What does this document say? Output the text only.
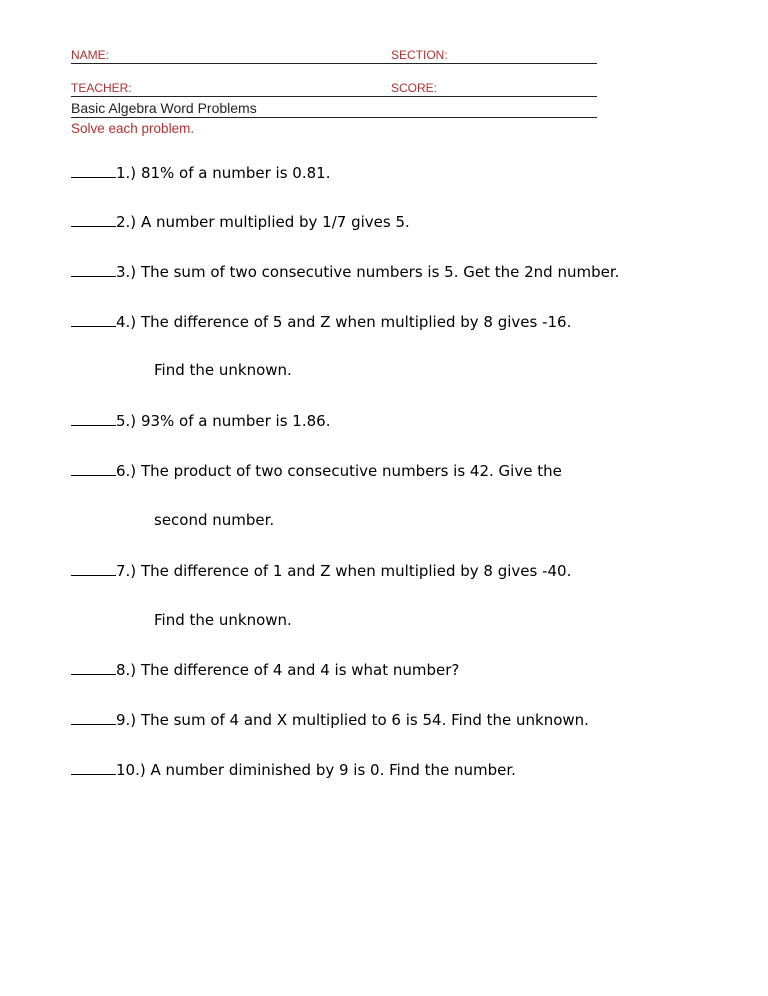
NAME:	SECTION:
TEACHER:	SCORE:
Basic Algebra Word Problems
Solve each problem.
1.) 81% of a number is 0.81.
2.) A number multiplied by 1/7 gives 5.
3.) The sum of two consecutive numbers is 5. Get the 2nd number.
4.) The difference of 5 and Z when multiplied by 8 gives -16.
Find the unknown.
5.) 93% of a number is 1.86.
6.) The product of two consecutive numbers is 42. Give the
second number.
7.) The difference of 1 and Z when multiplied by 8 gives -40.
Find the unknown.
8.) The difference of 4 and 4 is what number?
9.) The sum of 4 and X multiplied to 6 is 54. Find the unknown.
10.) A number diminished by 9 is 0. Find the number.
